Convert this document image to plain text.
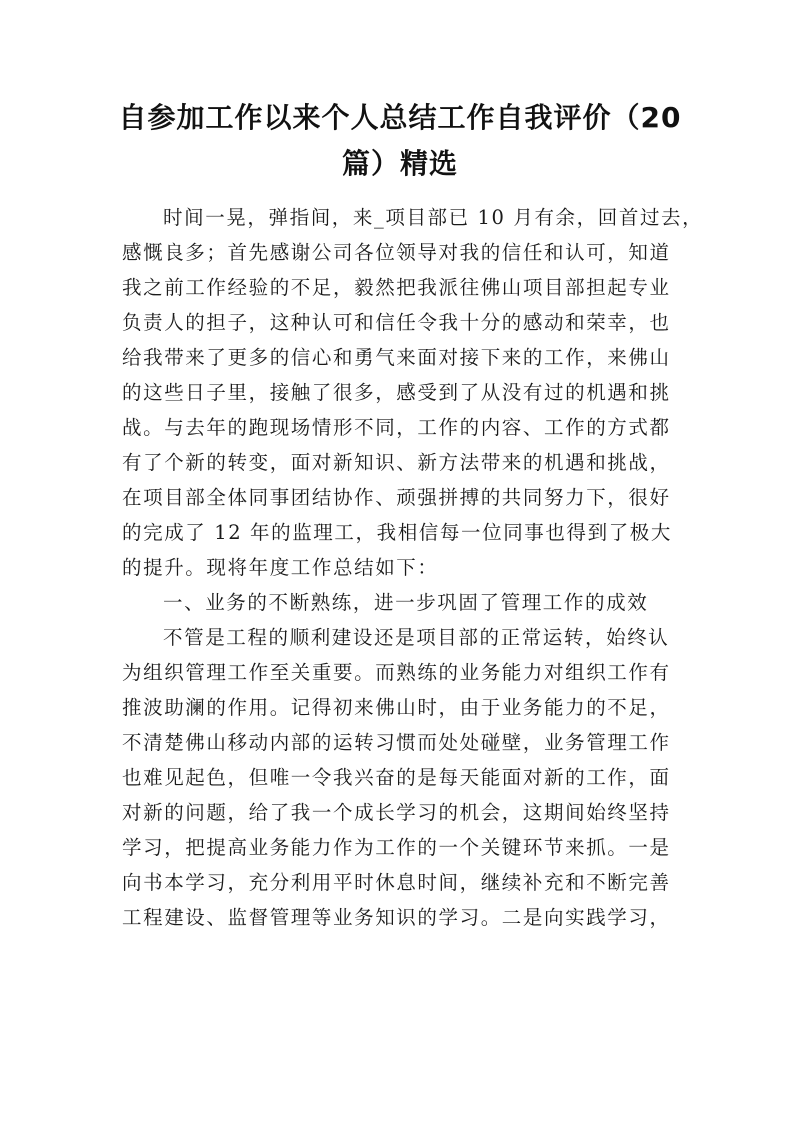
自参加工作以来个人总结工作自我评价（20
篇）精选
时间一晃，弹指间，来_项目部已 10 月有余，回首过去，
感慨良多；首先感谢公司各位领导对我的信任和认可，知道
我之前工作经验的不足，毅然把我派往佛山项目部担起专业
负责人的担子，这种认可和信任令我十分的感动和荣幸，也
给我带来了更多的信心和勇气来面对接下来的工作，来佛山
的这些日子里，接触了很多，感受到了从没有过的机遇和挑
战。与去年的跑现场情形不同，工作的内容、工作的方式都
有了个新的转变，面对新知识、新方法带来的机遇和挑战，
在项目部全体同事团结协作、顽强拼搏的共同努力下，很好
的完成了 12 年的监理工，我相信每一位同事也得到了极大
的提升。现将年度工作总结如下：
一、业务的不断熟练，进一步巩固了管理工作的成效
不管是工程的顺利建设还是项目部的正常运转，始终认
为组织管理工作至关重要。而熟练的业务能力对组织工作有
推波助澜的作用。记得初来佛山时，由于业务能力的不足，
不清楚佛山移动内部的运转习惯而处处碰壁，业务管理工作
也难见起色，但唯一令我兴奋的是每天能面对新的工作，面
对新的问题，给了我一个成长学习的机会，这期间始终坚持
学习，把提高业务能力作为工作的一个关键环节来抓。一是
向书本学习，充分利用平时休息时间，继续补充和不断完善
工程建设、监督管理等业务知识的学习。二是向实践学习，
